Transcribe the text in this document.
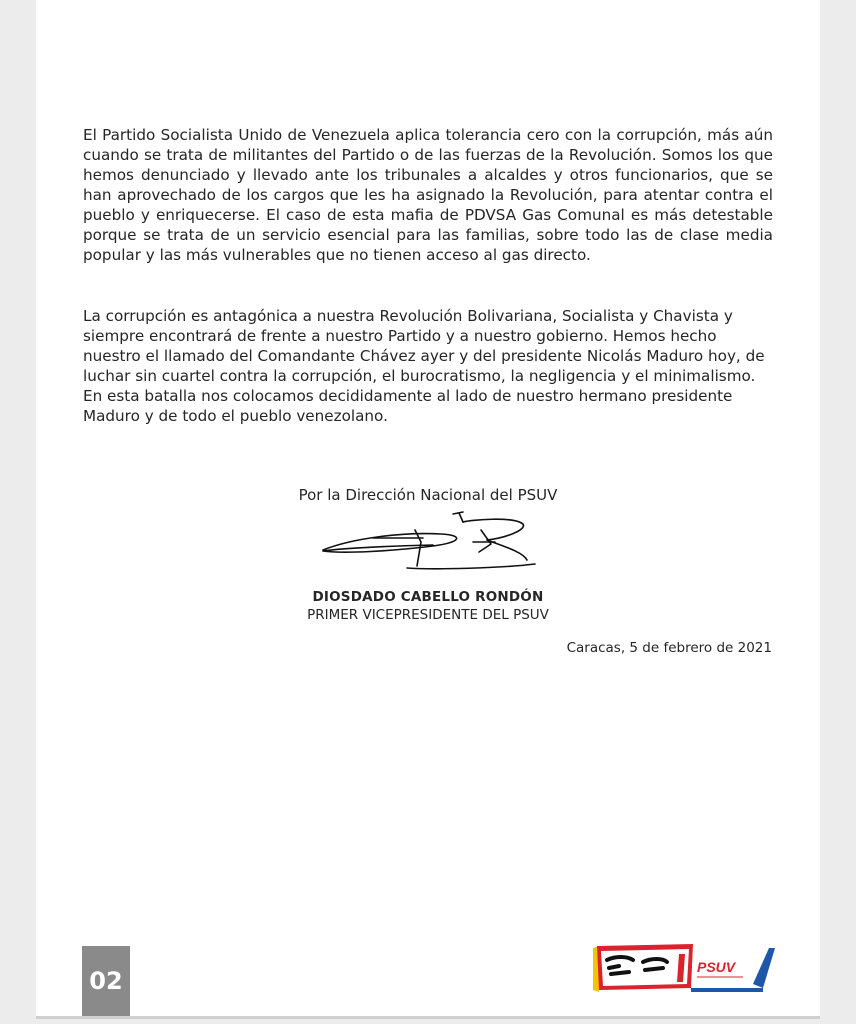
El Partido Socialista Unido de Venezuela aplica tolerancia cero con la corrupción, más aún cuando se trata de militantes del Partido o de las fuerzas de la Revolución. Somos los que hemos denunciado y llevado ante los tribunales a alcaldes y otros funcionarios, que se han aprovechado de los cargos que les ha asignado la Revolución, para atentar contra el pueblo y enriquecerse. El caso de esta mafia de PDVSA Gas Comunal es más detestable porque se trata de un servicio esencial para las familias, sobre todo las de clase media popular y las más vulnerables que no tienen acceso al gas directo.

La corrupción es antagónica a nuestra Revolución Bolivariana, Socialista y Chavista y siempre encontrará de frente a nuestro Partido y a nuestro gobierno. Hemos hecho nuestro el llamado del Comandante Chávez ayer y del presidente Nicolás Maduro hoy, de luchar sin cuartel contra la corrupción, el burocratismo, la negligencia y el minimalismo. En esta batalla nos colocamos decididamente al lado de nuestro hermano presidente Maduro y de todo el pueblo venezolano.

Por la Dirección Nacional del PSUV

DIOSDADO CABELLO RONDÓN

PRIMER VICEPRESIDENTE DEL PSUV

Caracas, 5 de febrero de 2021

02	PSUV
